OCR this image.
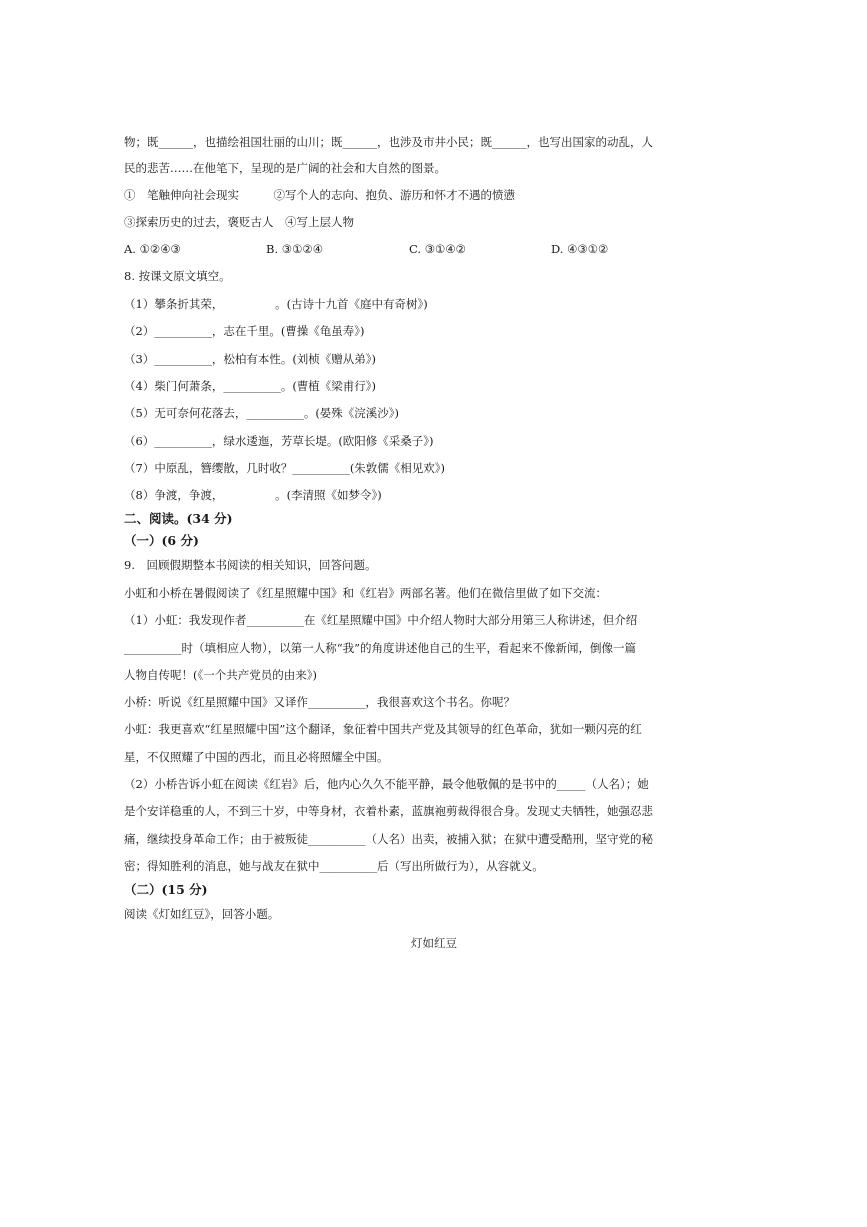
物；既______，也描绘祖国壮丽的山川；既______，也涉及市井小民；既______，也写出国家的动乱，人
民的悲苦……在他笔下，呈现的是广阔的社会和大自然的图景。
①　笔触伸向社会现实　　　②写个人的志向、抱负、游历和怀才不遇的愤懑
③探索历史的过去，褒贬古人　④写上层人物
A. ①②④③	B. ③①②④	C. ③①④②	D. ④③①②
8. 按课文原文填空。
（1）攀条折其荣，　　　　　。(古诗十九首《庭中有奇树》)
（2）__________，志在千里。(曹操《龟虽寿》)
（3）__________，松柏有本性。(刘桢《赠从弟》)
（4）柴门何萧条，__________。(曹植《梁甫行》)
（5）无可奈何花落去，__________。(晏殊《浣溪沙》)
（6）__________，绿水逶迤，芳草长堤。(欧阳修《采桑子》)
（7）中原乱，簪缨散，几时收？__________(朱敦儒《相见欢》)
（8）争渡，争渡，　　　　　。(李清照《如梦令》)
二、阅读。(34 分)
（一）(6 分)
9.　回顾假期整本书阅读的相关知识，回答问题。
小虹和小桥在暑假阅读了《红星照耀中国》和《红岩》两部名著。他们在微信里做了如下交流：
（1）小虹：我发现作者__________在《红星照耀中国》中介绍人物时大部分用第三人称讲述，但介绍
__________时（填相应人物），以第一人称“我”的角度讲述他自己的生平，看起来不像新闻，倒像一篇
人物自传呢！(《一个共产党员的由来》)
小桥：听说《红星照耀中国》又译作__________，我很喜欢这个书名。你呢？
小虹：我更喜欢“红星照耀中国”这个翻译，象征着中国共产党及其领导的红色革命，犹如一颗闪亮的红
星，不仅照耀了中国的西北，而且必将照耀全中国。
（2）小桥告诉小虹在阅读《红岩》后，他内心久久不能平静，最令他敬佩的是书中的_____（人名）；她
是个安详稳重的人，不到三十岁，中等身材，衣着朴素，蓝旗袍剪裁得很合身。发现丈夫牺牲，她强忍悲
痛，继续投身革命工作；由于被叛徒__________（人名）出卖，被捕入狱；在狱中遭受酷刑，坚守党的秘
密；得知胜利的消息，她与战友在狱中__________后（写出所做行为），从容就义。
（二）(15 分)
阅读《灯如红豆》，回答小题。
灯如红豆
